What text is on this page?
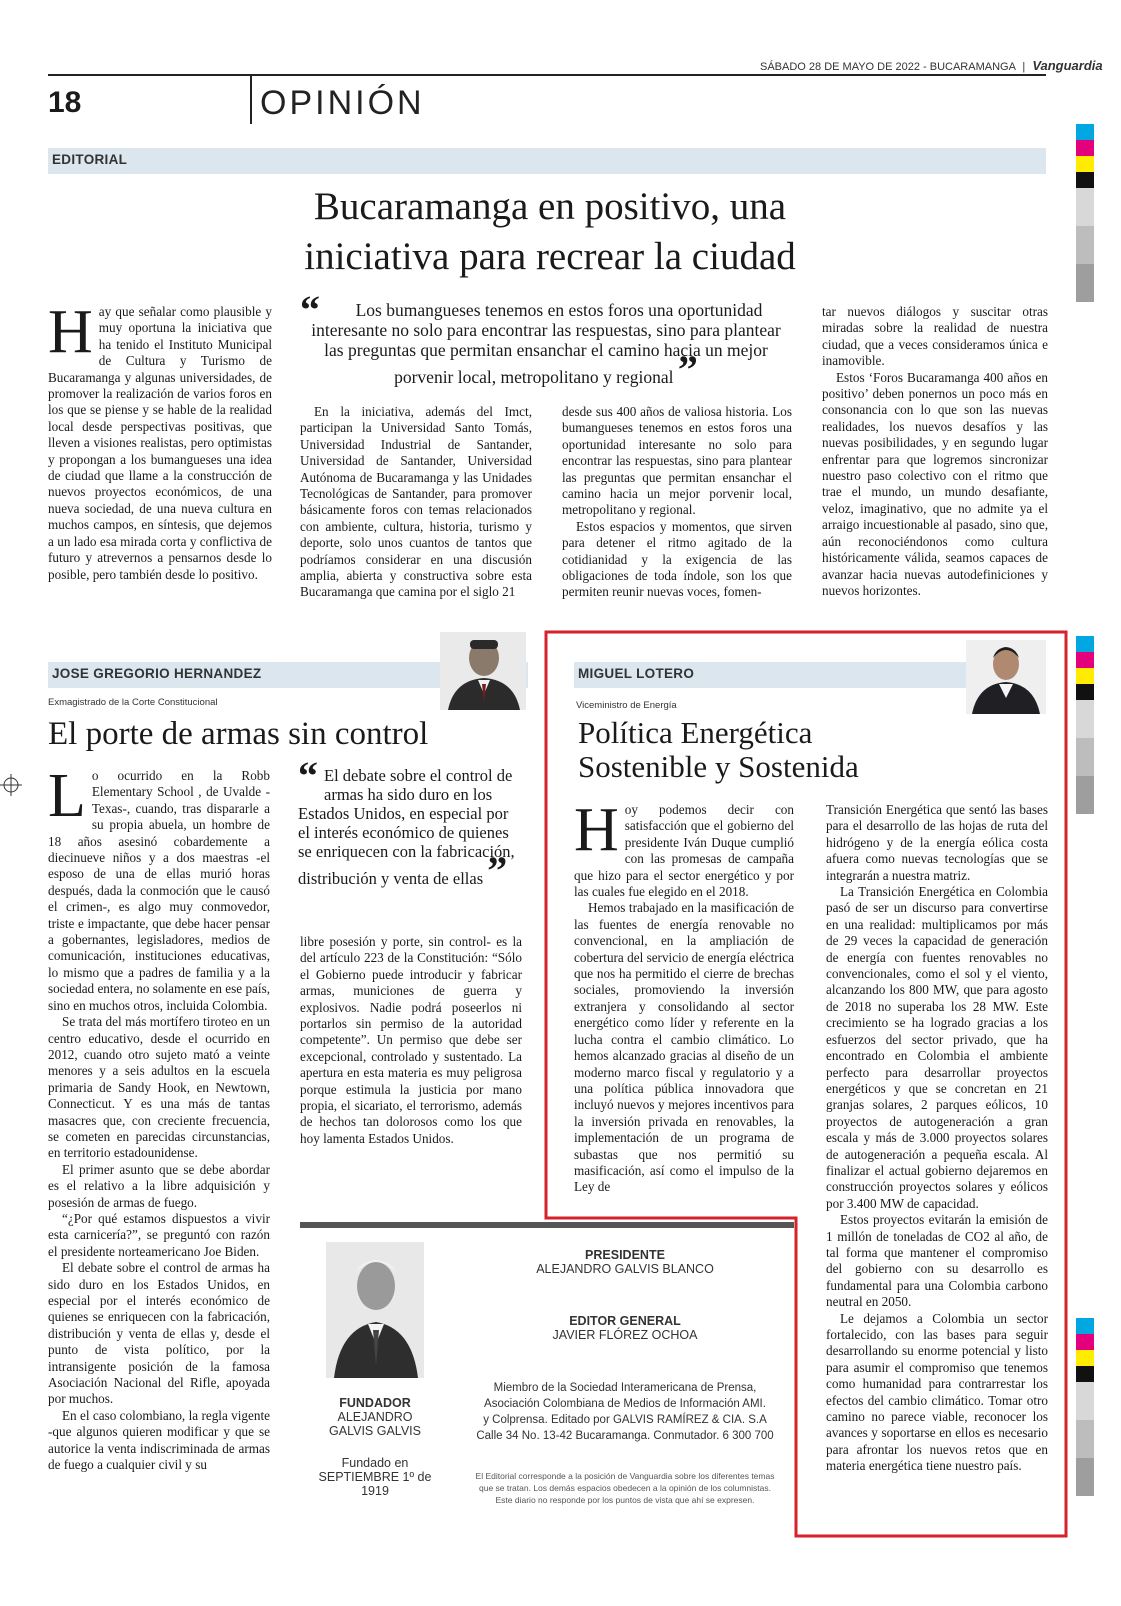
SÁBADO 28 DE MAYO DE 2022 - BUCARAMANGA | Vanguardia
18	OPINIÓN
EDITORIAL
Bucaramanga en positivo, una
iniciativa para recrear la ciudad
H ay que señalar como plausible y muy oportuna la iniciativa que ha tenido el Instituto Municipal de Cultura y Turismo de Bucaramanga y algunas universidades, de promover la realización de varios foros en los que se piense y se hable de la realidad local desde perspectivas positivas, que lleven a visiones realistas, pero optimistas y propongan a los bumangueses una idea de ciudad que llame a la construcción de nuevos proyectos económicos, de una nueva sociedad, de una nueva cultura en muchos campos, en síntesis, que dejemos a un lado esa mirada corta y conflictiva de futuro y atrevernos a pensarnos desde lo posible, pero también desde lo positivo.
“ Los bumangueses tenemos en estos foros una oportunidad interesante no solo para encontrar las respuestas, sino para plantear las preguntas que permitan ensanchar el camino hacia un mejor porvenir local, metropolitano y regional ”

En la iniciativa, además del Imct, participan la Universidad Santo Tomás, Universidad Industrial de Santander, Universidad de Santander, Universidad Autónoma de Bucaramanga y las Unidades Tecnológicas de Santander, para promover básicamente foros con temas relacionados con ambiente, cultura, historia, turismo y deporte, solo unos cuantos de tantos que podríamos considerar en una discusión amplia, abierta y constructiva sobre esta Bucaramanga que camina por el siglo 21

desde sus 400 años de valiosa historia. Los bumangueses tenemos en estos foros una oportunidad interesante no solo para encontrar las respuestas, sino para plantear las preguntas que permitan ensanchar el camino hacia un mejor porvenir local, metropolitano y regional.

Estos espacios y momentos, que sirven para detener el ritmo agitado de la cotidianidad y la exigencia de las obligaciones de toda índole, son los que permiten reunir nuevas voces, fomen-

tar nuevos diálogos y suscitar otras miradas sobre la realidad de nuestra ciudad, que a veces consideramos única e inamovible.

Estos ‘Foros Bucaramanga 400 años en positivo’ deben ponernos un poco más en consonancia con lo que son las nuevas realidades, los nuevos desafíos y las nuevas posibilidades, y en segundo lugar enfrentar para que logremos sincronizar nuestro paso colectivo con el ritmo que trae el mundo, un mundo desafiante, veloz, imaginativo, que no admite ya el arraigo incuestionable al pasado, sino que, aún reconociéndonos como cultura históricamente válida, seamos capaces de avanzar hacia nuevas autodefiniciones y nuevos horizontes.

JOSE GREGORIO HERNANDEZ
Exmagistrado de la Corte Constitucional
El porte de armas sin control
L o ocurrido en la Robb Elementary School , de Uvalde -Texas-, cuando, tras dispararle a su propia abuela, un hombre de 18 años asesinó cobardemente a diecinueve niños y a dos maestras -el esposo de una de ellas murió horas después, dada la conmoción que le causó el crimen-, es algo muy conmovedor, triste e impactante, que debe hacer pensar a gobernantes, legisladores, medios de comunicación, instituciones educativas, lo mismo que a padres de familia y a la sociedad entera, no solamente en ese país, sino en muchos otros, incluida Colombia.

Se trata del más mortífero tiroteo en un centro educativo, desde el ocurrido en 2012, cuando otro sujeto mató a veinte menores y a seis adultos en la escuela primaria de Sandy Hook, en Newtown, Connecticut. Y es una más de tantas masacres que, con creciente frecuencia, se cometen en parecidas circunstancias, en territorio estadounidense.

El primer asunto que se debe abordar es el relativo a la libre adquisición y posesión de armas de fuego.

“¿Por qué estamos dispuestos a vivir esta carnicería?”, se preguntó con razón el presidente norteamericano Joe Biden.

El debate sobre el control de armas ha sido duro en los Estados Unidos, en especial por el interés económico de quienes se enriquecen con la fabricación, distribución y venta de ellas y, desde el punto de vista político, por la intransigente posición de la famosa Asociación Nacional del Rifle, apoyada por muchos.

En el caso colombiano, la regla vigente -que algunos quieren modificar y que se autorice la venta indiscriminada de armas de fuego a cualquier civil y su

“ El debate sobre el control de armas ha sido duro en los Estados Unidos, en especial por el interés económico de quienes se enriquecen con la fabricación, distribución y venta de ellas ”

libre posesión y porte, sin control- es la del artículo 223 de la Constitución: “Sólo el Gobierno puede introducir y fabricar armas, municiones de guerra y explosivos. Nadie podrá poseerlos ni portarlos sin permiso de la autoridad competente”. Un permiso que debe ser excepcional, controlado y sustentado. La apertura en esta materia es muy peligrosa porque estimula la justicia por mano propia, el sicariato, el terrorismo, además de hechos tan dolorosos como los que hoy lamenta Estados Unidos.

FUNDADOR
ALEJANDRO
GALVIS GALVIS
Fundado en
SEPTIEMBRE 1º de 1919
PRESIDENTE
ALEJANDRO GALVIS BLANCO
EDITOR GENERAL
JAVIER FLÓREZ OCHOA
Miembro de la Sociedad Interamericana de Prensa,
Asociación Colombiana de Medios de Información AMI.
y Colprensa. Editado por GALVIS RAMÍREZ & CIA. S.A
Calle 34 No. 13-42 Bucaramanga. Conmutador. 6 300 700
El Editorial corresponde a la posición de Vanguardia sobre los diferentes temas
que se tratan. Los demás espacios obedecen a la opinión de los columnistas.
Este diario no responde por los puntos de vista que ahí se expresen.
MIGUEL LOTERO
Viceministro de Energía
Política Energética
Sostenible y Sostenida
H oy podemos decir con satisfacción que el gobierno del presidente Iván Duque cumplió con las promesas de campaña que hizo para el sector energético y por las cuales fue elegido en el 2018.

Hemos trabajado en la masificación de las fuentes de energía renovable no convencional, en la ampliación de cobertura del servicio de energía eléctrica que nos ha permitido el cierre de brechas sociales, promoviendo la inversión extranjera y consolidando al sector energético como líder y referente en la lucha contra el cambio climático. Lo hemos alcanzado gracias al diseño de un moderno marco fiscal y regulatorio y a una política pública innovadora que incluyó nuevos y mejores incentivos para la inversión privada en renovables, la implementación de un programa de subastas que nos permitió su masificación, así como el impulso de la Ley de

Transición Energética que sentó las bases para el desarrollo de las hojas de ruta del hidrógeno y de la energía eólica costa afuera como nuevas tecnologías que se integrarán a nuestra matriz.

La Transición Energética en Colombia pasó de ser un discurso para convertirse en una realidad: multiplicamos por más de 29 veces la capacidad de generación de energía con fuentes renovables no convencionales, como el sol y el viento, alcanzando los 800 MW, que para agosto de 2018 no superaba los 28 MW. Este crecimiento se ha logrado gracias a los esfuerzos del sector privado, que ha encontrado en Colombia el ambiente perfecto para desarrollar proyectos energéticos y que se concretan en 21 granjas solares, 2 parques eólicos, 10 proyectos de autogeneración a gran escala y más de 3.000 proyectos solares de autogeneración a pequeña escala. Al finalizar el actual gobierno dejaremos en construcción proyectos solares y eólicos por 3.400 MW de capacidad.

Estos proyectos evitarán la emisión de 1 millón de toneladas de CO2 al año, de tal forma que mantener el compromiso del gobierno con su desarrollo es fundamental para una Colombia carbono neutral en 2050.

Le dejamos a Colombia un sector fortalecido, con las bases para seguir desarrollando su enorme potencial y listo para asumir el compromiso que tenemos como humanidad para contrarrestar los efectos del cambio climático. Tomar otro camino no parece viable, reconocer los avances y soportarse en ellos es necesario para afrontar los nuevos retos que en materia energética tiene nuestro país.
